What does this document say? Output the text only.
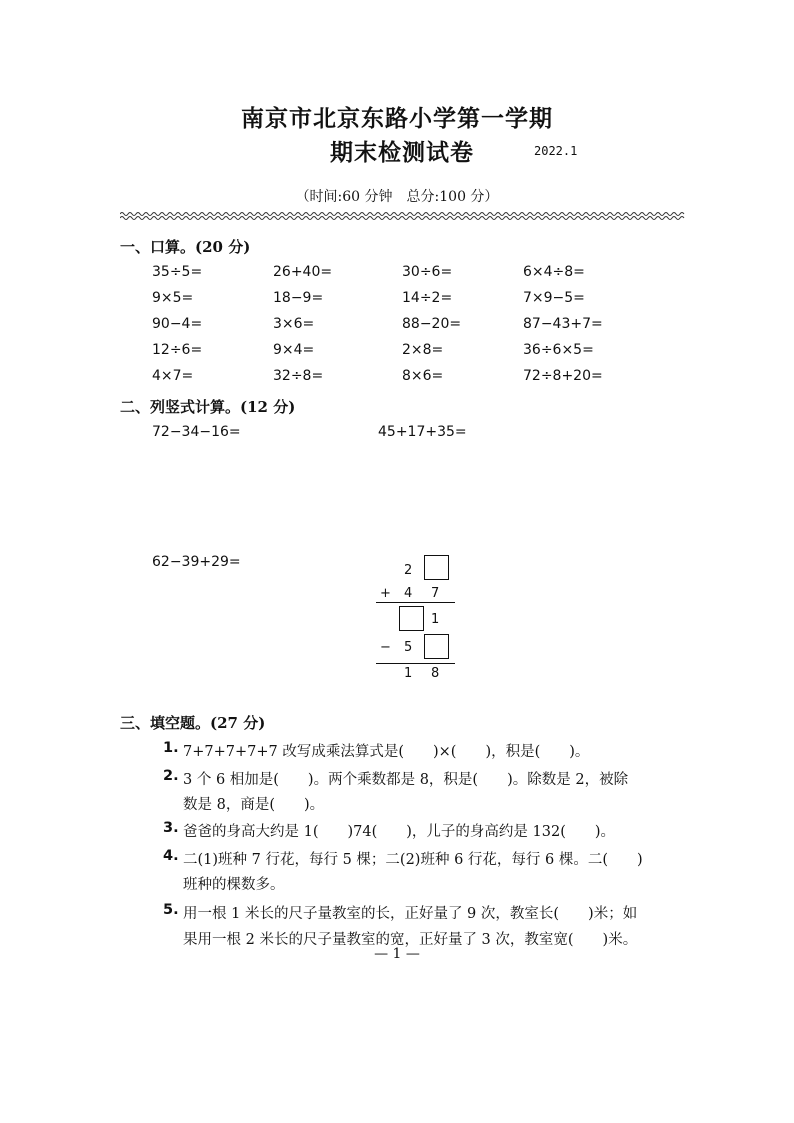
南京市北京东路小学第一学期
期末检测试卷	2022.1
（时间:60 分钟　总分:100 分）
一、口算。(20 分)
35÷5=	26+40=	30÷6=	6×4÷8=
9×5=	18−9=	14÷2=	7×9−5=
90−4=	3×6=	88−20=	87−43+7=
12÷6=	9×4=	2×8=	36÷6×5=
4×7=	32÷8=	8×6=	72÷8+20=
二、列竖式计算。(12 分)
72−34−16=	45+17+35=
62−39+29=
2
+ 4 7
1
− 5
1 8
三、填空题。(27 分)
1. 7+7+7+7+7 改写成乘法算式是(　　)×(　　)，积是(　　)。
2. 3 个 6 相加是(　　)。两个乘数都是 8，积是(　　)。除数是 2，被除
数是 8，商是(　　)。
3. 爸爸的身高大约是 1(　　)74(　　)，儿子的身高约是 132(　　)。
4. 二(1)班种 7 行花，每行 5 棵；二(2)班种 6 行花，每行 6 棵。二(　　)
班种的棵数多。
5. 用一根 1 米长的尺子量教室的长，正好量了 9 次，教室长(　　)米；如
果用一根 2 米长的尺子量教室的宽，正好量了 3 次，教室宽(　　)米。
— 1 —
